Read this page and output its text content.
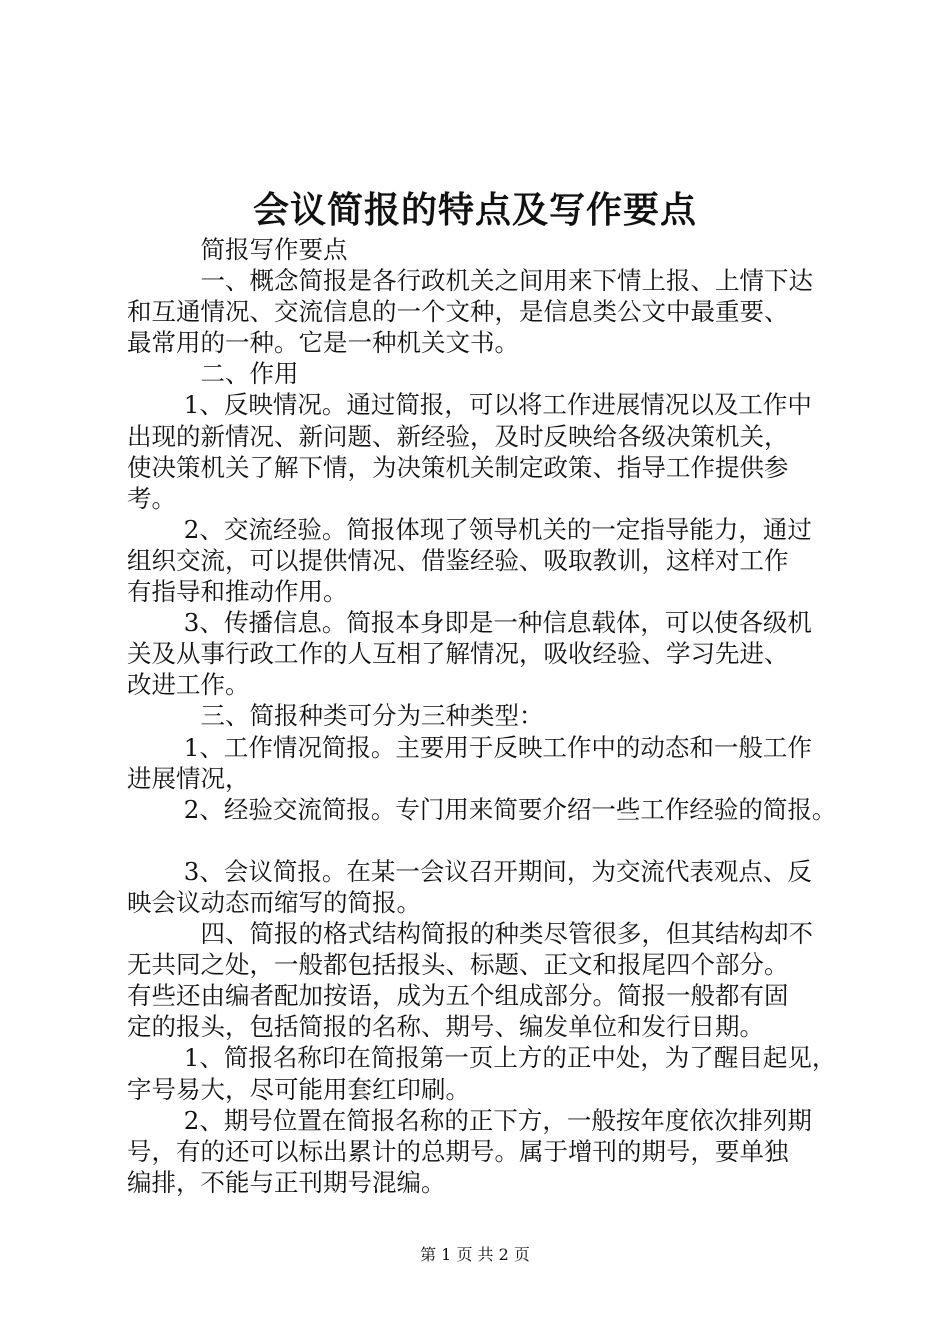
会议简报的特点及写作要点

　　　简报写作要点

　　　一、概念简报是各行政机关之间用来下情上报、上情下达

和互通情况、交流信息的一个文种，是信息类公文中最重要、

最常用的一种。它是一种机关文书。

　　　二、作用

　　 1、反映情况。通过简报，可以将工作进展情况以及工作中

出现的新情况、新问题、新经验，及时反映给各级决策机关，

使决策机关了解下情，为决策机关制定政策、指导工作提供参

考。

　　 2、交流经验。简报体现了领导机关的一定指导能力，通过

组织交流，可以提供情况、借鉴经验、吸取教训，这样对工作

有指导和推动作用。

　　 3、传播信息。简报本身即是一种信息载体，可以使各级机

关及从事行政工作的人互相了解情况，吸收经验、学习先进、

改进工作。

　　　三、简报种类可分为三种类型：

　　 1、工作情况简报。主要用于反映工作中的动态和一般工作

进展情况，

　　 2、经验交流简报。专门用来简要介绍一些工作经验的简报。

　　 3、会议简报。在某一会议召开期间，为交流代表观点、反

映会议动态而缩写的简报。

　　　四、简报的格式结构简报的种类尽管很多，但其结构却不

无共同之处，一般都包括报头、标题、正文和报尾四个部分。

有些还由编者配加按语，成为五个组成部分。简报一般都有固

定的报头，包括简报的名称、期号、编发单位和发行日期。

　　 1、简报名称印在简报第一页上方的正中处，为了醒目起见，

字号易大，尽可能用套红印刷。

　　 2、期号位置在简报名称的正下方，一般按年度依次排列期

号，有的还可以标出累计的总期号。属于增刊的期号，要单独

编排，不能与正刊期号混编。

第 1 页 共 2 页
